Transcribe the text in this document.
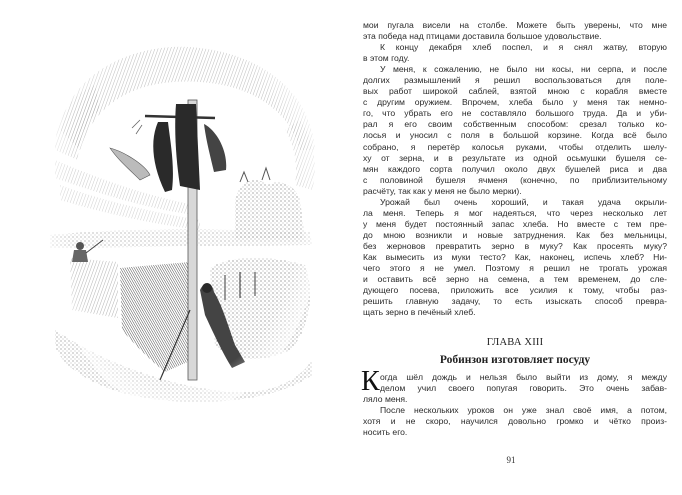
мои пугала висели на столбе. Можете быть уверены, что мне
эта победа над птицами доставила большое удовольствие.

К концу декабря хлеб поспел, и я снял жатву, вторую
в этом году.

У меня, к сожалению, не было ни косы, ни серпа, и после
долгих размышлений я решил воспользоваться для поле-
вых работ широкой саблей, взятой мною с корабля вместе
с другим оружием. Впрочем, хлеба было у меня так немно-
го, что убрать его не составляло большого труда. Да и уби-
рал я его своим собственным способом: срезал только ко-
лосья и уносил с поля в большой корзине. Когда всё было
собрано, я перетёр колосья руками, чтобы отделить шелу-
ху от зерна, и в результате из одной осьмушки бушеля се-
мян каждого сорта получил около двух бушелей риса и два
с половиной бушеля ячменя (конечно, по приблизительному
расчёту, так как у меня не было мерки).

Урожай был очень хороший, и такая удача окрыли-
ла меня. Теперь я мог надеяться, что через несколько лет
у меня будет постоянный запас хлеба. Но вместе с тем пре-
до мною возникли и новые затруднения. Как без мельницы,
без жерновов превратить зерно в муку? Как просеять муку?
Как вымесить из муки тесто? Как, наконец, испечь хлеб? Ни-
чего этого я не умел. Поэтому я решил не трогать урожая
и оставить всё зерно на семена, а тем временем, до сле-
дующего посева, приложить все усилия к тому, чтобы раз-
решить главную задачу, то есть изыскать способ превра-
щать зерно в печёный хлеб.

ГЛАВА XIII
Робинзон изготовляет посуду
К огда шёл дождь и нельзя было выйти из дому, я между
делом учил своего попугая говорить. Это очень забав-
ляло меня.
После нескольких уроков он уже знал своё имя, а потом,
хотя и не скоро, научился довольно громко и чётко произ-
носить его.
91
